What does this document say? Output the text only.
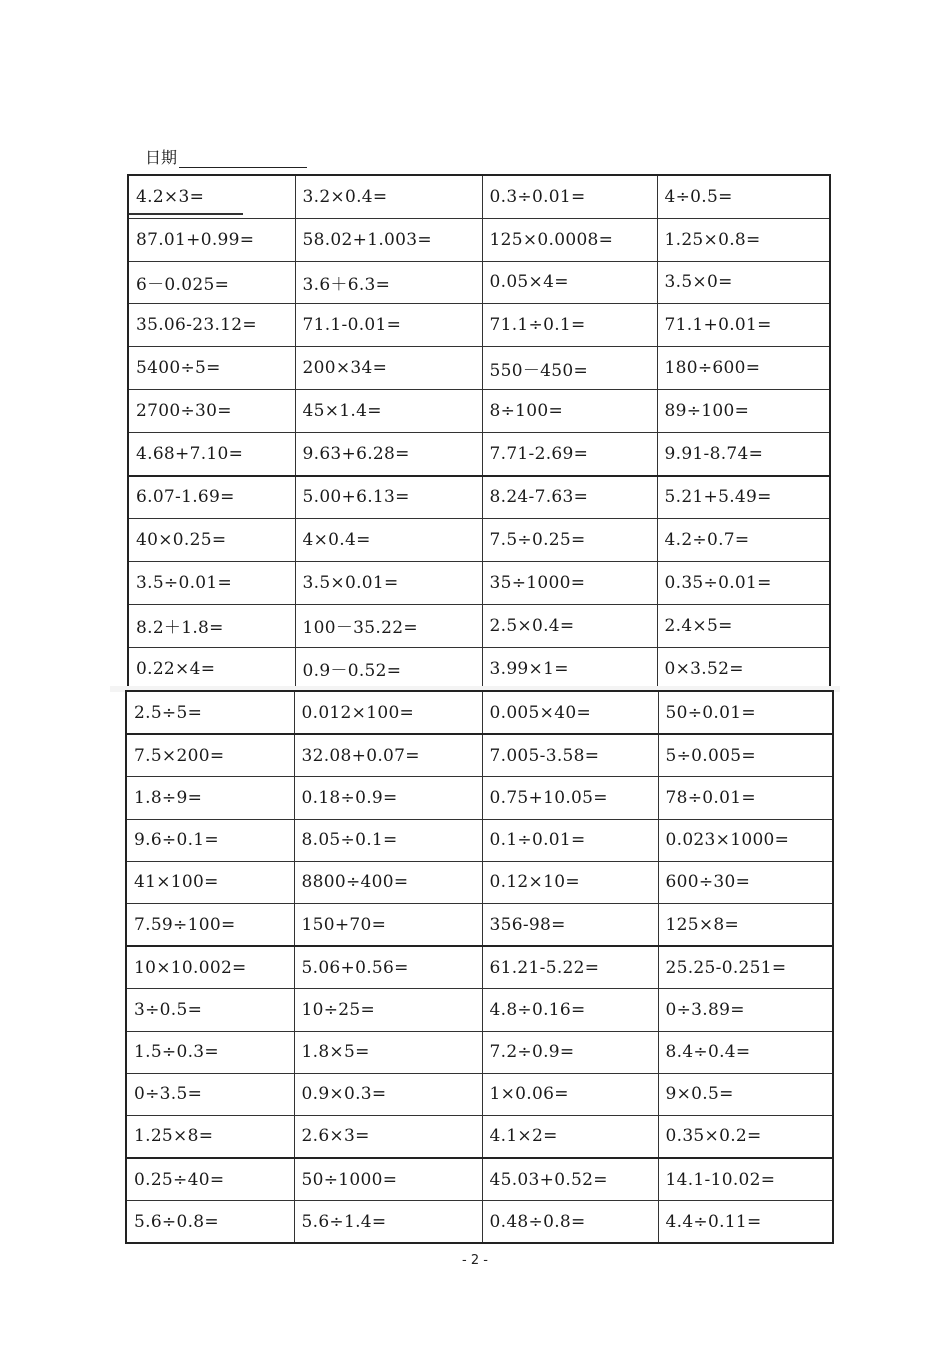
日期
4.2×3=	3.2×0.4=	0.3÷0.01=	4÷0.5=
87.01+0.99=	58.02+1.003=	125×0.0008=	1.25×0.8=
6－0.025=	3.6＋6.3=	0.05×4=	3.5×0=
35.06-23.12=	71.1-0.01=	71.1÷0.1=	71.1+0.01=
5400÷5=	200×34=	550－450=	180÷600=
2700÷30=	45×1.4=	8÷100=	89÷100=
4.68+7.10=	9.63+6.28=	7.71-2.69=	9.91-8.74=
6.07-1.69=	5.00+6.13=	8.24-7.63=	5.21+5.49=
40×0.25=	4×0.4=	7.5÷0.25=	4.2÷0.7=
3.5÷0.01=	3.5×0.01=	35÷1000=	0.35÷0.01=
8.2＋1.8=	100－35.22=	2.5×0.4=	2.4×5=
0.22×4=	0.9－0.52=	3.99×1=	0×3.52=
2.5÷5=	0.012×100=	0.005×40=	50÷0.01=
7.5×200=	32.08+0.07=	7.005-3.58=	5÷0.005=
1.8÷9=	0.18÷0.9=	0.75+10.05=	78÷0.01=
9.6÷0.1=	8.05÷0.1=	0.1÷0.01=	0.023×1000=
41×100=	8800÷400=	0.12×10=	600÷30=
7.59÷100=	150+70=	356-98=	125×8=
10×10.002=	5.06+0.56=	61.21-5.22=	25.25-0.251=
3÷0.5=	10÷25=	4.8÷0.16=	0÷3.89=
1.5÷0.3=	1.8×5=	7.2÷0.9=	8.4÷0.4=
0÷3.5=	0.9×0.3=	1×0.06=	9×0.5=
1.25×8=	2.6×3=	4.1×2=	0.35×0.2=
0.25÷40=	50÷1000=	45.03+0.52=	14.1-10.02=
5.6÷0.8=	5.6÷1.4=	0.48÷0.8=	4.4÷0.11=
- 2 -
